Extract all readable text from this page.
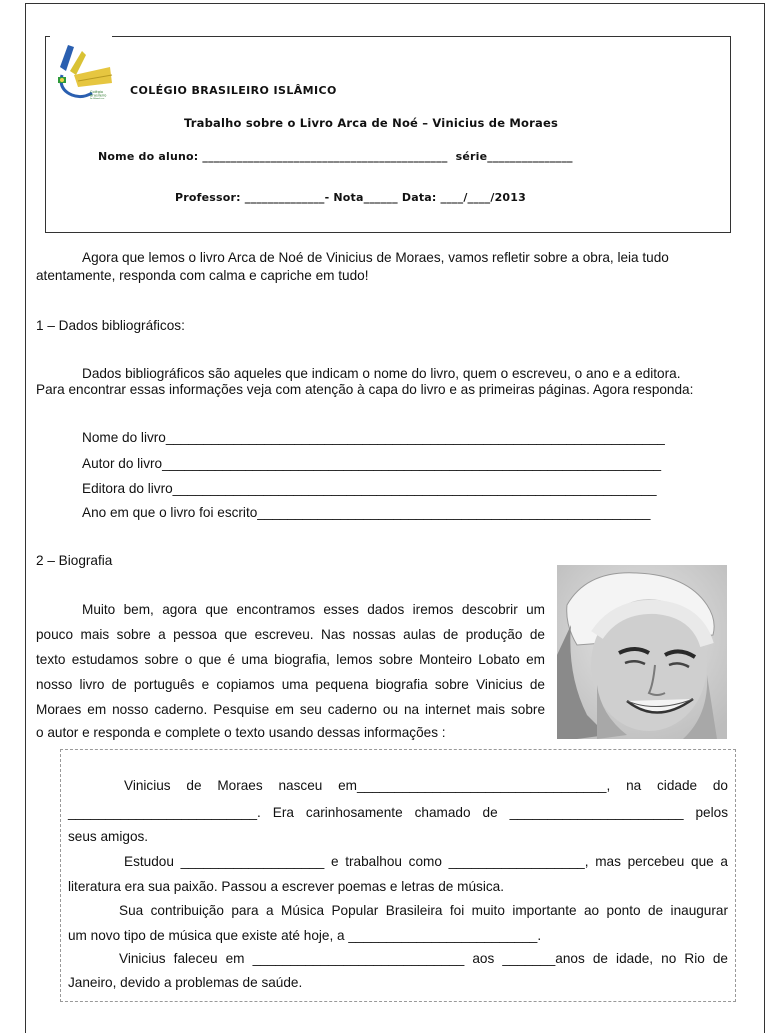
Colégio
Brasileiro
Islâmico
COLÉGIO BRASILEIRO ISLÂMICO
Trabalho sobre o Livro Arca de Noé – Vinicius de Moraes
Nome do aluno: ___________________________________________  série_______________
Professor: ______________- Nota______ Data: ____/____/2013
Agora que lemos o livro Arca de Noé de Vinicius de Moraes, vamos refletir sobre a obra, leia tudo
atentamente, responda com calma e capriche em tudo!
1 – Dados bibliográficos:
Dados bibliográficos são aqueles que indicam o nome do livro, quem o escreveu, o ano e a editora.
Para encontrar essas informações veja com atenção à capa do livro e as primeiras páginas. Agora responda:
Nome do livro__________________________________________________________________
Autor do livro__________________________________________________________________
Editora do livro________________________________________________________________
Ano em que o livro foi escrito____________________________________________________
2 – Biografia
Muito bem, agora que encontramos esses dados iremos descobrir um
pouco mais sobre a pessoa que escreveu. Nas nossas aulas de produção de
texto estudamos sobre o que é uma biografia, lemos sobre Monteiro Lobato em
nosso livro de português e copiamos uma pequena biografia sobre Vinicius de
Moraes em nosso caderno. Pesquise em seu caderno ou na internet mais sobre
o autor e responda e complete o texto usando dessas informações :
Vinicius de Moraes nasceu em_________________________________, na cidade do
_________________________. Era carinhosamente chamado de _______________________ pelos
seus amigos.
Estudou ___________________ e trabalhou como __________________, mas percebeu que a
literatura era sua paixão. Passou a escrever poemas e letras de música.
Sua contribuição para a Música Popular Brasileira foi muito importante ao ponto de inaugurar
um novo tipo de música que existe até hoje, a _________________________.
Vinicius faleceu em ____________________________ aos _______anos de idade, no Rio de
Janeiro, devido a problemas de saúde.
